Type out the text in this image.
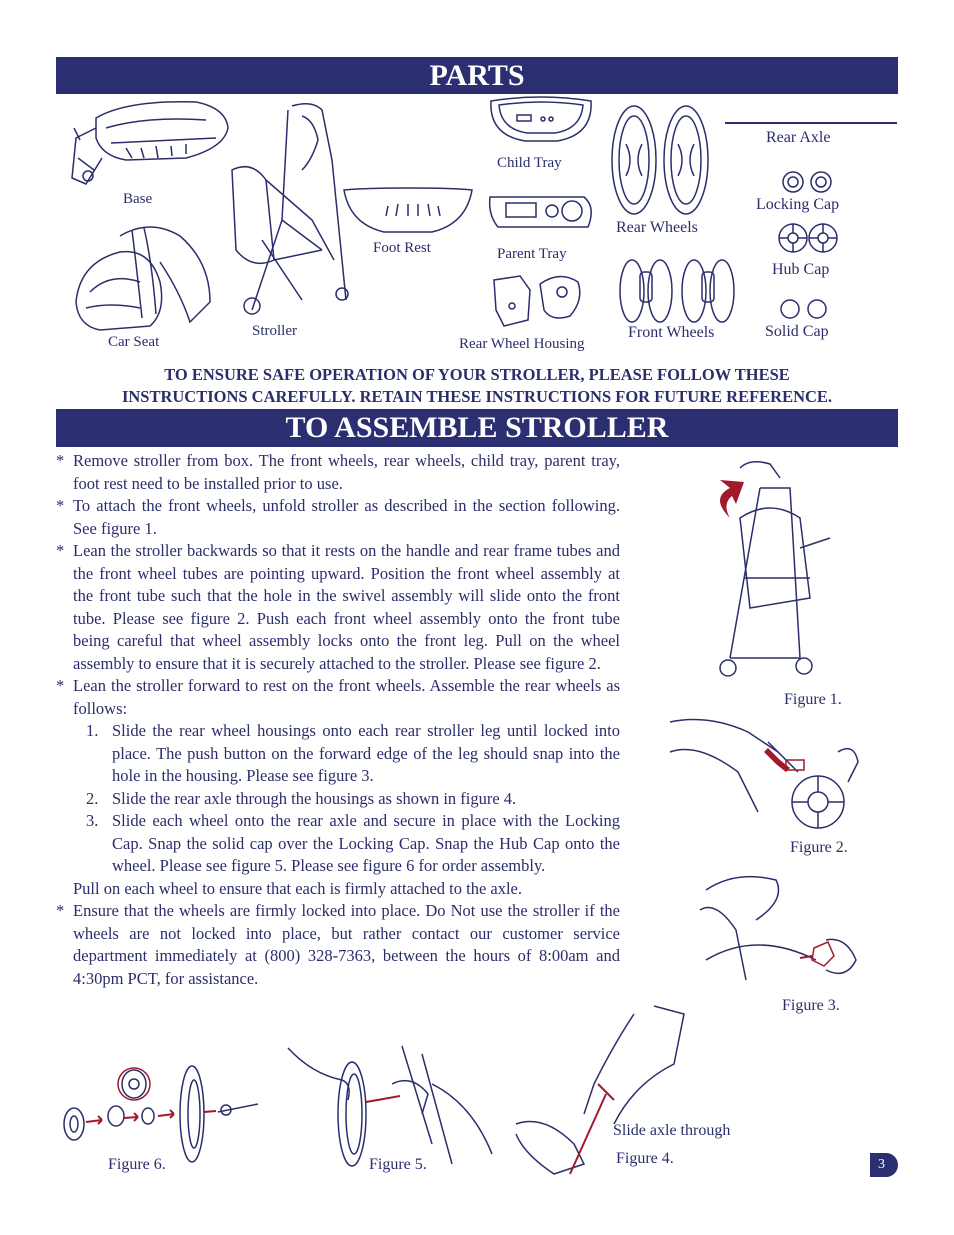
PARTS
Base
Car Seat
Stroller
Foot Rest
Child Tray
Parent Tray
Rear Wheel Housing
Rear Wheels
Front Wheels
Rear Axle
Locking Cap
Hub Cap
Solid Cap
TO ENSURE SAFE OPERATION OF YOUR STROLLER, PLEASE FOLLOW THESE
INSTRUCTIONS CAREFULLY. RETAIN THESE INSTRUCTIONS FOR FUTURE REFERENCE.
TO ASSEMBLE STROLLER
* Remove stroller from box. The front wheels, rear wheels, child tray, parent tray, foot rest need to be installed prior to use.
* To attach the front wheels, unfold stroller as described in the section following. See figure 1.
* Lean the stroller backwards so that it rests on the handle and rear frame tubes and the front wheel tubes are pointing upward. Position the front wheel assembly at the front tube such that the hole in the swivel assembly will slide onto the front tube. Please see figure 2. Push each front wheel assembly onto the front tube being careful that wheel assembly locks onto the front leg. Pull on the wheel assembly to ensure that it is securely attached to the stroller. Please see figure 2.
* Lean the stroller forward to rest on the front wheels. Assemble the rear wheels as follows:
1. Slide the rear wheel housings onto each rear stroller leg until locked into place. The push button on the forward edge of the leg should snap into the hole in the housing. Please see figure 3.
2. Slide the rear axle through the housings as shown in figure 4.
3. Slide each wheel onto the rear axle and secure in place with the Locking Cap. Snap the solid cap over the Locking Cap. Snap the Hub Cap onto the wheel. Please see figure 5. Please see figure 6 for order assembly.
Pull on each wheel to ensure that each is firmly attached to the axle.
* Ensure that the wheels are firmly locked into place. Do Not use the stroller if the wheels are not locked into place, but rather contact our customer service department immediately at (800) 328-7363, between the hours of 8:00am and 4:30pm PCT, for assistance.
Figure 1.
Figure 2.
Figure 3.
Slide axle through
Figure 4.
Figure 5.
Figure 6.	3
